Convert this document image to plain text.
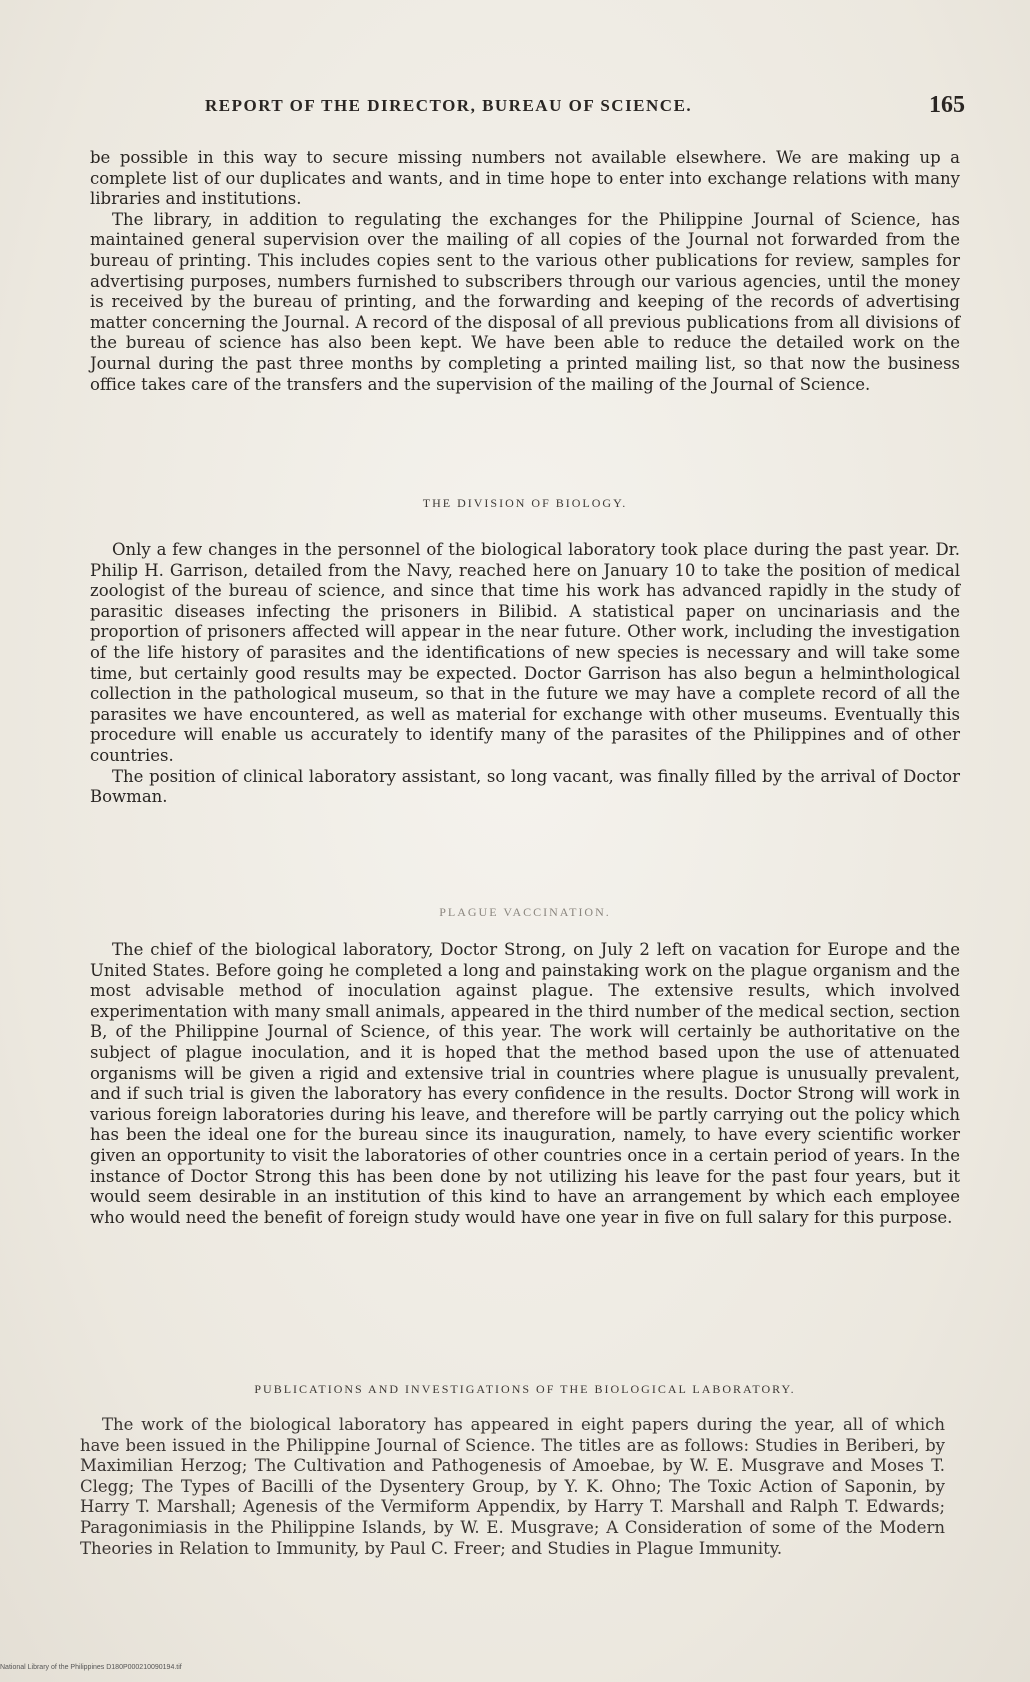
REPORT OF THE DIRECTOR, BUREAU OF SCIENCE.	165

be possible in this way to secure missing numbers not available elsewhere. We are making up a complete list of our duplicates and wants, and in time hope to enter into exchange relations with many libraries and institutions.

The library, in addition to regulating the exchanges for the Philippine Journal of Science, has maintained general supervision over the mailing of all copies of the Journal not forwarded from the bureau of printing. This includes copies sent to the various other publications for review, samples for advertising purposes, numbers furnished to subscribers through our various agencies, until the money is received by the bureau of printing, and the forwarding and keeping of the records of advertising matter concerning the Journal. A record of the disposal of all previous publications from all divisions of the bureau of science has also been kept. We have been able to reduce the detailed work on the Journal during the past three months by completing a printed mailing list, so that now the business office takes care of the transfers and the supervision of the mailing of the Journal of Science.

THE DIVISION OF BIOLOGY.

Only a few changes in the personnel of the biological laboratory took place during the past year. Dr. Philip H. Garrison, detailed from the Navy, reached here on January 10 to take the position of medical zoologist of the bureau of science, and since that time his work has advanced rapidly in the study of parasitic diseases infecting the prisoners in Bilibid. A statistical paper on uncinariasis and the proportion of prisoners affected will appear in the near future. Other work, including the investigation of the life history of parasites and the identifications of new species is necessary and will take some time, but certainly good results may be expected. Doctor Garrison has also begun a helminthological collection in the pathological museum, so that in the future we may have a complete record of all the parasites we have encountered, as well as material for exchange with other museums. Eventually this procedure will enable us accurately to identify many of the parasites of the Philippines and of other countries.

The position of clinical laboratory assistant, so long vacant, was finally filled by the arrival of Doctor Bowman.

PLAGUE VACCINATION.

The chief of the biological laboratory, Doctor Strong, on July 2 left on vacation for Europe and the United States. Before going he completed a long and painstaking work on the plague organism and the most advisable method of inoculation against plague. The extensive results, which involved experimentation with many small animals, appeared in the third number of the medical section, section B, of the Philippine Journal of Science, of this year. The work will certainly be authoritative on the subject of plague inoculation, and it is hoped that the method based upon the use of attenuated organisms will be given a rigid and extensive trial in countries where plague is unusually prevalent, and if such trial is given the laboratory has every confidence in the results. Doctor Strong will work in various foreign laboratories during his leave, and therefore will be partly carrying out the policy which has been the ideal one for the bureau since its inauguration, namely, to have every scientific worker given an opportunity to visit the laboratories of other countries once in a certain period of years. In the instance of Doctor Strong this has been done by not utilizing his leave for the past four years, but it would seem desirable in an institution of this kind to have an arrangement by which each employee who would need the benefit of foreign study would have one year in five on full salary for this purpose.

PUBLICATIONS AND INVESTIGATIONS OF THE BIOLOGICAL LABORATORY.

The work of the biological laboratory has appeared in eight papers during the year, all of which have been issued in the Philippine Journal of Science. The titles are as follows: Studies in Beriberi, by Maximilian Herzog; The Cultivation and Pathogenesis of Amoebae, by W. E. Musgrave and Moses T. Clegg; The Types of Bacilli of the Dysentery Group, by Y. K. Ohno; The Toxic Action of Saponin, by Harry T. Marshall; Agenesis of the Vermiform Appendix, by Harry T. Marshall and Ralph T. Edwards; Paragonimiasis in the Philippine Islands, by W. E. Musgrave; A Consideration of some of the Modern Theories in Relation to Immunity, by Paul C. Freer; and Studies in Plague Immunity.

National Library of the Philippines D180P000210090194.tif
